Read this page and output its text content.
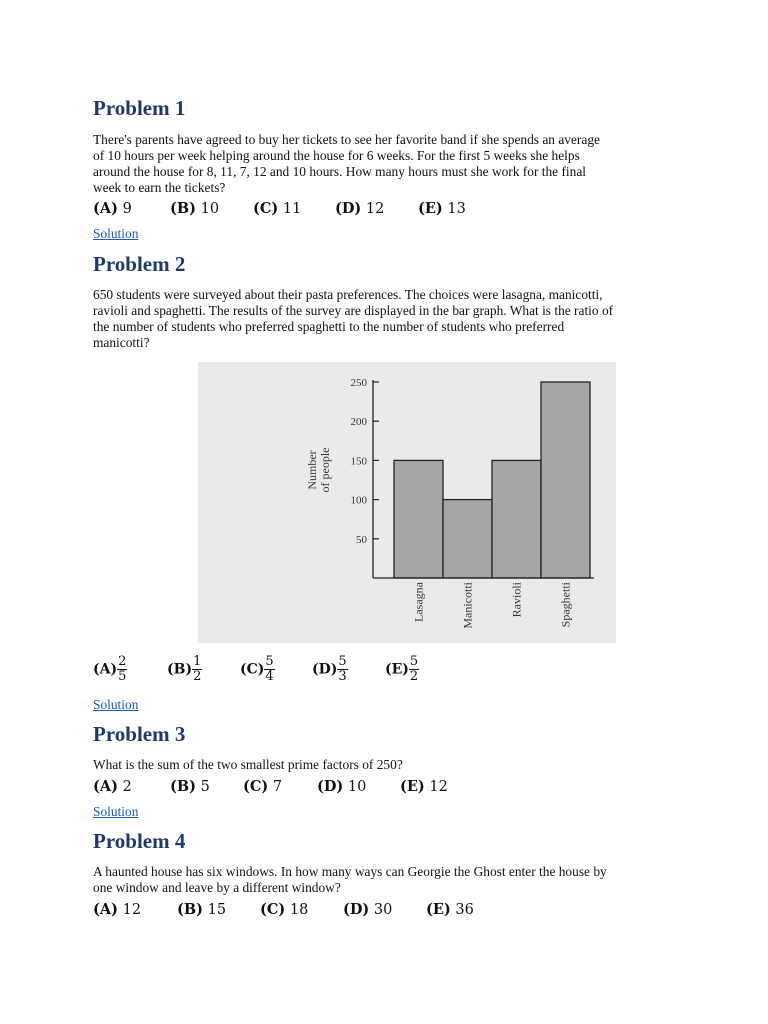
Problem 1
There's parents have agreed to buy her tickets to see her favorite band if she spends an average
of 10 hours per week helping around the house for 6 weeks. For the first 5 weeks she helps
around the house for 8, 11, 7, 12 and 10 hours. How many hours must she work for the final
week to earn the tickets?
(A) 9	(B) 10 (C) 11 (D) 12 (E) 13
Solution
Problem 2
650 students were surveyed about their pasta preferences. The choices were lasagna, manicotti,
ravioli and spaghetti. The results of the survey are displayed in the bar graph. What is the ratio of
the number of students who preferred spaghetti to the number of students who preferred
manicotti?
50
100
150
200
250
Number of people
Lasagna	Manicotti	Ravioli	Spaghetti
$(A) \frac{2}{5}$	$(B) \frac{1}{2}$	$(C) \frac{5}{4}$	$(D) \frac{5}{3}$	$(E) \frac{5}{2}$
Solution
Problem 3
What is the sum of the two smallest prime factors of 250?
(A) 2	(B) 5 (C) 7 (D) 10 (E) 12
Solution
Problem 4
A haunted house has six windows. In how many ways can Georgie the Ghost enter the house by
one window and leave by a different window?
(A) 12 (B) 15 (C) 18 (D) 30 (E) 36
